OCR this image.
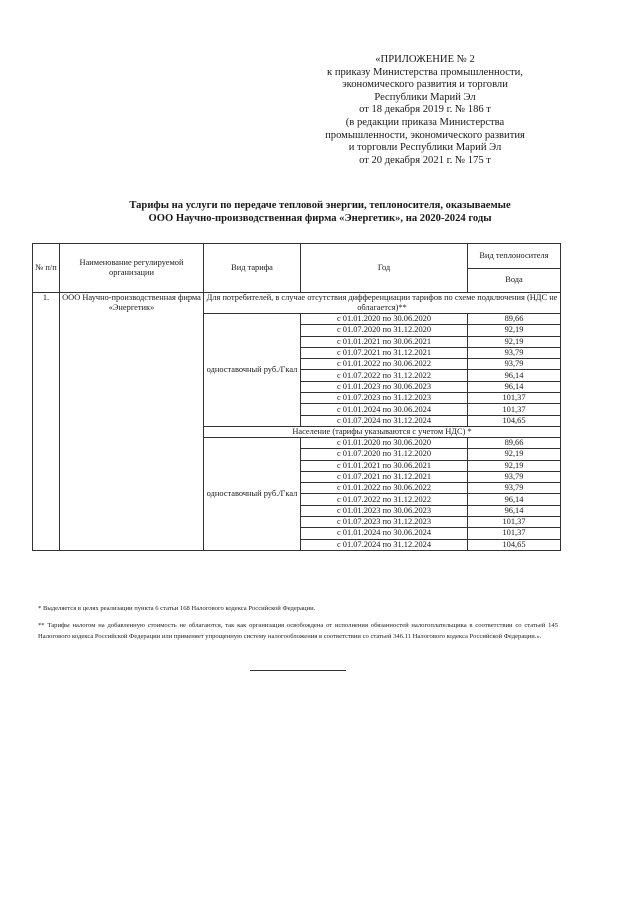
«ПРИЛОЖЕНИЕ № 2
к приказу Министерства промышленности,
экономического развития и торговли
Республики Марий Эл
от 18 декабря 2019 г. № 186 т
(в редакции приказа Министерства
промышленности, экономического развития
и торговли Республики Марий Эл
от 20 декабря 2021 г. № 175 т
Тарифы на услуги по передаче тепловой энергии, теплоносителя, оказываемые
ООО Научно-производственная фирма «Энергетик», на 2020-2024 годы
№ п/п	Наименование регулируемой организации	Вид тарифа	Год	Вид теплоносителя
				Вода
1.	ООО Научно-производственная фирма «Энергетик»	Для потребителей, в случае отсутствия дифференциации тарифов по схеме подключения (НДС не облагается)**		
		одноставочный руб./Гкал	с 01.01.2020 по 30.06.2020	89,66
			с 01.07.2020 по 31.12.2020	92,19
			с 01.01.2021 по 30.06.2021	92,19
			с 01.07.2021 по 31.12.2021	93,79
			с 01.01.2022 по 30.06.2022	93,79
			с 01.07.2022 по 31.12.2022	96,14
			с 01.01.2023 по 30.06.2023	96,14
			с 01.07.2023 по 31.12.2023	101,37
			с 01.01.2024 по 30.06.2024	101,37
			с 01.07.2024 по 31.12.2024	104,65
		Население (тарифы указываются с учетом НДС) *		
		одноставочный руб./Гкал	с 01.01.2020 по 30.06.2020	89,66
			с 01.07.2020 по 31.12.2020	92,19
			с 01.01.2021 по 30.06.2021	92,19
			с 01.07.2021 по 31.12.2021	93,79
			с 01.01.2022 по 30.06.2022	93,79
			с 01.07.2022 по 31.12.2022	96,14
			с 01.01.2023 по 30.06.2023	96,14
			с 01.07.2023 по 31.12.2023	101,37
			с 01.01.2024 по 30.06.2024	101,37
			с 01.07.2024 по 31.12.2024	104,65

* Выделяется в целях реализации пункта 6 статьи 168 Налогового кодекса Российской Федерации.

** Тарифы налогом на добавленную стоимость не облагаются, так как организация освобождена от исполнения обязанностей налогоплательщика в соответствии со статьей 145 Налогового кодекса Российской Федерации или применяет упрощенную систему налогообложения в соответствии со статьей 346.11 Налогового кодекса Российской Федерации.».
